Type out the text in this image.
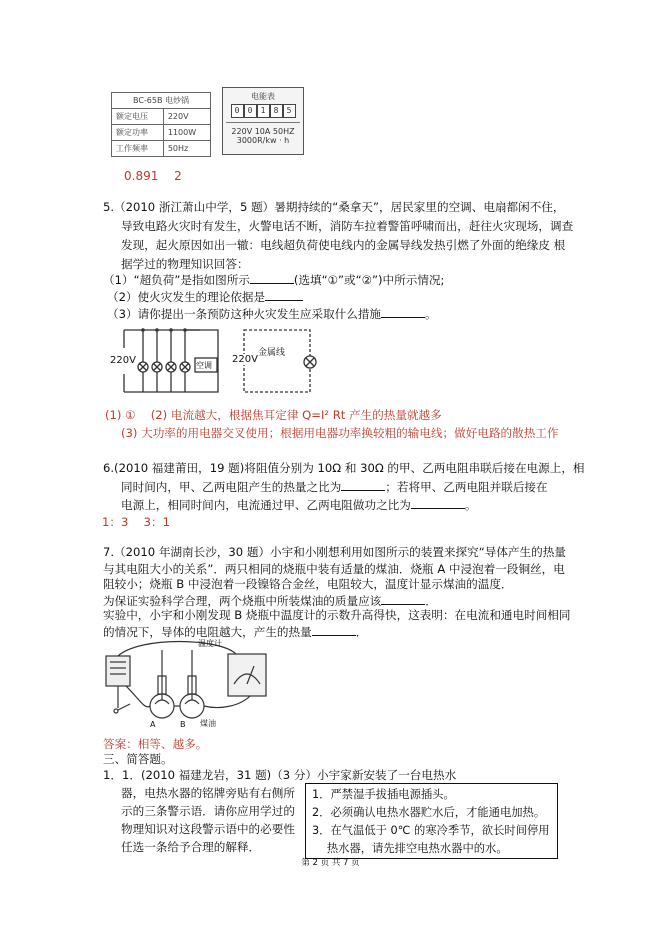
BC-65B 电炒锅	
额定电压	220V
额定功率	1100W
工作频率	50Hz
电能表
0 0 1 8 5
220V 10A 50HZ
3000R/kw · h
0.891　 2
5.（2010 浙江萧山中学，5 题）暑期持续的“桑拿天”，居民家里的空调、电扇都闲不住，
导致电路火灾时有发生，火警电话不断，消防车拉着警笛呼啸而出，赶往火灾现场，调查
发现，起火原因如出一辙：电线超负荷使电线内的金属导线发热引燃了外面的绝缘皮 根
据学过的物理知识回答：
（1）“超负荷”是指如图所示	(选填“①”或“②”)中所示情况;
（2）使火灾发生的理论依据是
（3）请你提出一条预防这种火灾发生应采取什么措施	。
220V	空调
220V
金属线
(1) ①　 (2) 电流越大，根据焦耳定律 Q=I² Rt 产生的热量就越多
(3) 大功率的用电器交叉使用；根据用电器功率换较粗的输电线；做好电路的散热工作
6.(2010 福建莆田，19 题)将阻值分别为 10Ω 和 30Ω 的甲、乙两电阻串联后接在电源上，相
同时间内，甲、乙两电阻产生的热量之比为	；若将甲、乙两电阻并联后接在
电源上，相同时间内，电流通过甲、乙两电阻做功之比为	。
1：3　 3：1
7.（2010 年湖南长沙，30 题）小宇和小刚想利用如图所示的装置来探究“导体产生的热量
与其电阻大小的关系”．两只相同的烧瓶中装有适量的煤油．烧瓶 A 中浸泡着一段铜丝，电
阻较小；烧瓶 B 中浸泡着一段镍铬合金丝，电阻较大，温度计显示煤油的温度．
为保证实验科学合理，两个烧瓶中所装煤油的质量应该	．
实验中，小宇和小刚发现 B 烧瓶中温度计的示数升高得快，这表明：在电流和通电时间相同
的情况下，导体的电阻越大，产生的热量	．
温度计
A	B 煤油
答案：相等、越多。
三、简答题。
1．1．(2010 福建龙岩，31 题)（3 分）小宇家新安装了一台电热水
器，电热水器的铭牌旁贴有右侧所
示的三条警示语．请你应用学过的
物理知识对这段警示语中的必要性
任选一条给予合理的解释．
1．严禁湿手拔插电源插头。
2．必须确认电热水器贮水后，才能通电加热。
3．在气温低于 0℃ 的寒冷季节，欲长时间停用
　 热水器，请先排空电热水器中的水。
第 2 页 共 7 页
